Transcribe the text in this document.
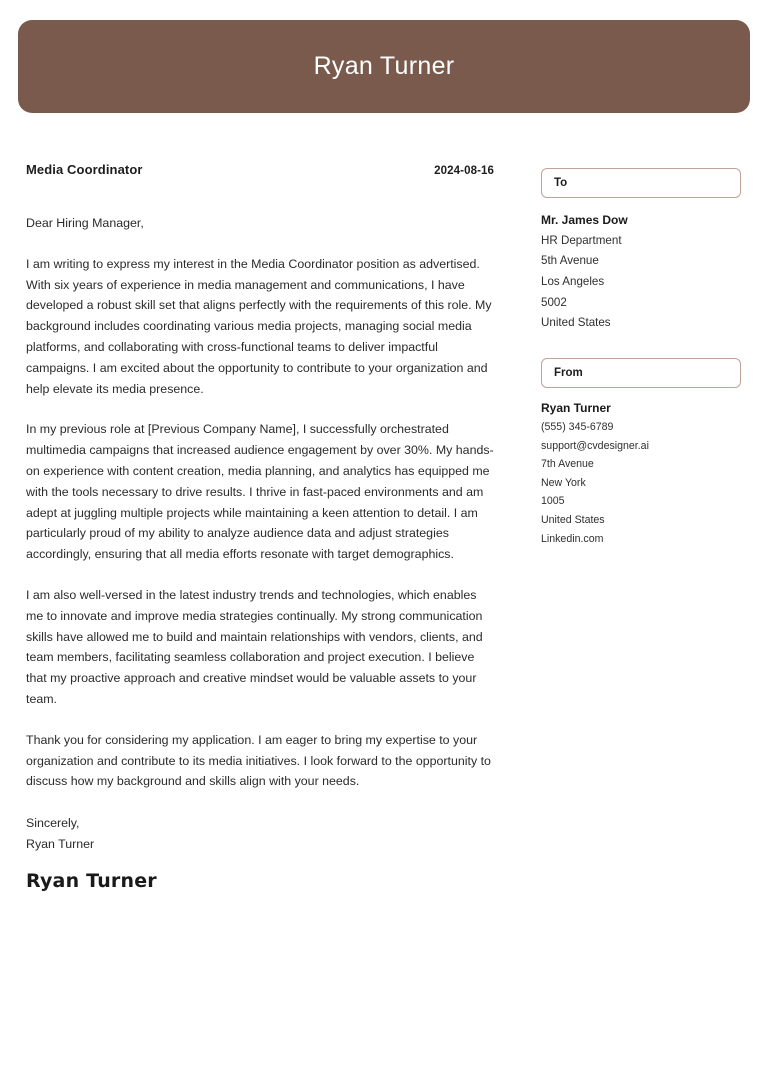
Ryan Turner
Media Coordinator	2024-08-16
Dear Hiring Manager,
I am writing to express my interest in the Media Coordinator position as advertised. With six years of experience in media management and communications, I have developed a robust skill set that aligns perfectly with the requirements of this role. My background includes coordinating various media projects, managing social media platforms, and collaborating with cross-functional teams to deliver impactful campaigns. I am excited about the opportunity to contribute to your organization and help elevate its media presence.
In my previous role at [Previous Company Name], I successfully orchestrated multimedia campaigns that increased audience engagement by over 30%. My hands-on experience with content creation, media planning, and analytics has equipped me with the tools necessary to drive results. I thrive in fast-paced environments and am adept at juggling multiple projects while maintaining a keen attention to detail. I am particularly proud of my ability to analyze audience data and adjust strategies accordingly, ensuring that all media efforts resonate with target demographics.
I am also well-versed in the latest industry trends and technologies, which enables me to innovate and improve media strategies continually. My strong communication skills have allowed me to build and maintain relationships with vendors, clients, and team members, facilitating seamless collaboration and project execution. I believe that my proactive approach and creative mindset would be valuable assets to your team.
Thank you for considering my application. I am eager to bring my expertise to your organization and contribute to its media initiatives. I look forward to the opportunity to discuss how my background and skills align with your needs.
Sincerely,
Ryan Turner
Ryan Turner
To
Mr. James Dow
HR Department
5th Avenue
Los Angeles
5002
United States
From
Ryan Turner
(555) 345-6789
support@cvdesigner.ai
7th Avenue
New York
1005
United States
Linkedin.com
